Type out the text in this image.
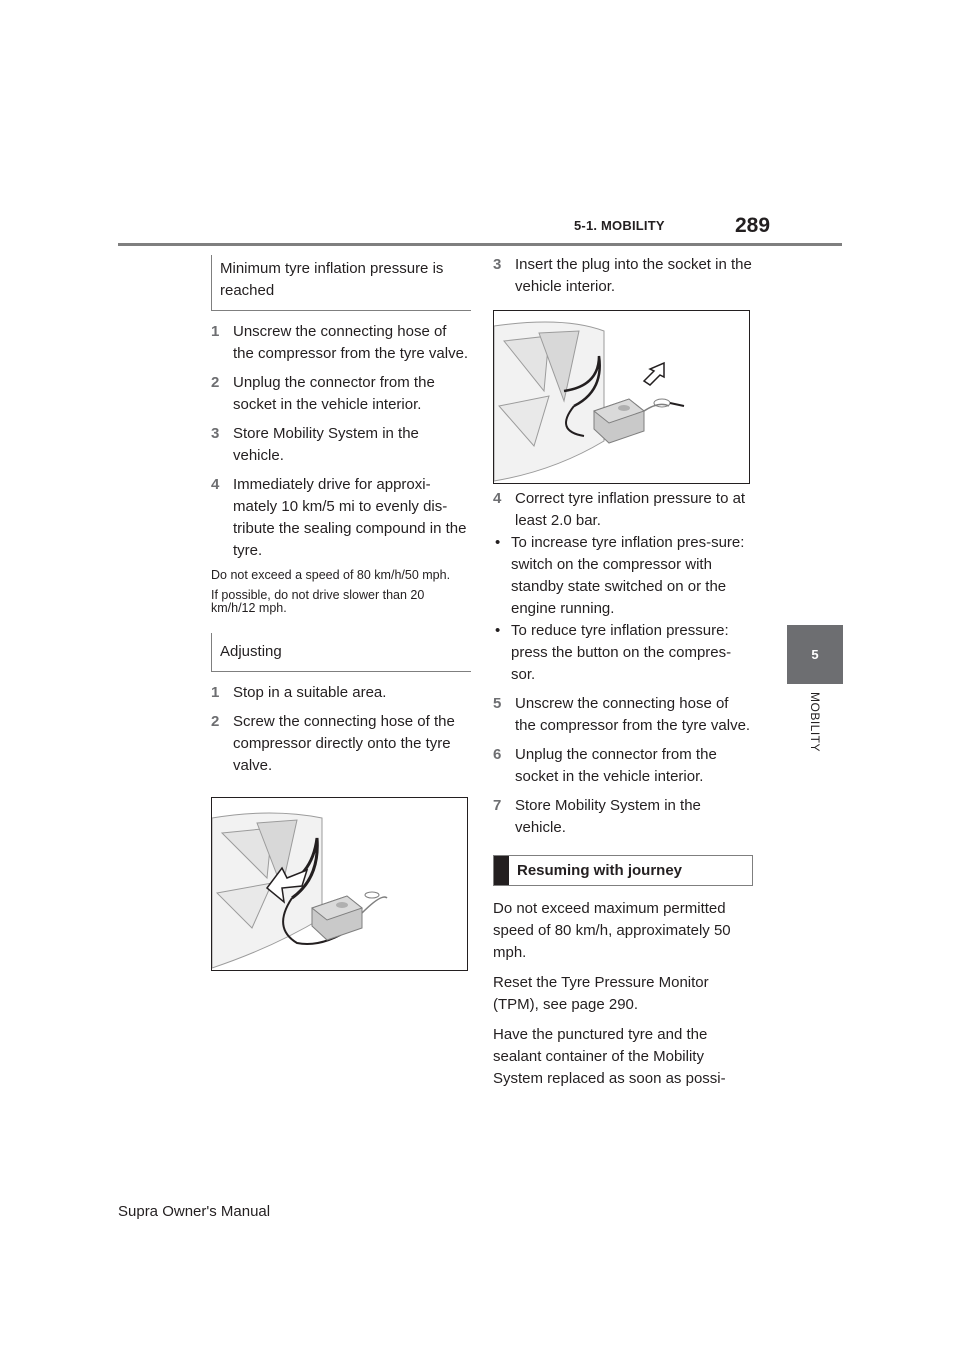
5-1. MOBILITY	289
5
MOBILITY
Minimum tyre inflation pressure is reached
1 Unscrew the connecting hose of the compressor from the tyre valve.
2 Unplug the connector from the socket in the vehicle interior.
3 Store Mobility System in the vehicle.
4 Immediately drive for approxi-mately 10 km/5 mi to evenly dis-tribute the sealing compound in the tyre.
Do not exceed a speed of 80 km/h/50 mph.
If possible, do not drive slower than 20 km/h/12 mph.
Adjusting
1 Stop in a suitable area.
2 Screw the connecting hose of the compressor directly onto the tyre valve.
3 Insert the plug into the socket in the vehicle interior.
4 Correct tyre inflation pressure to at least 2.0 bar.
• To increase tyre inflation pres-sure: switch on the compressor with standby state switched on or the engine running.
• To reduce tyre inflation pressure: press the button on the compres-sor.
5 Unscrew the connecting hose of the compressor from the tyre valve.
6 Unplug the connector from the socket in the vehicle interior.
7 Store Mobility System in the vehicle.
Resuming with journey
Do not exceed maximum permitted speed of 80 km/h, approximately 50 mph.
Reset the Tyre Pressure Monitor (TPM), see page 290.
Have the punctured tyre and the sealant container of the Mobility System replaced as soon as possi-
Supra Owner's Manual
